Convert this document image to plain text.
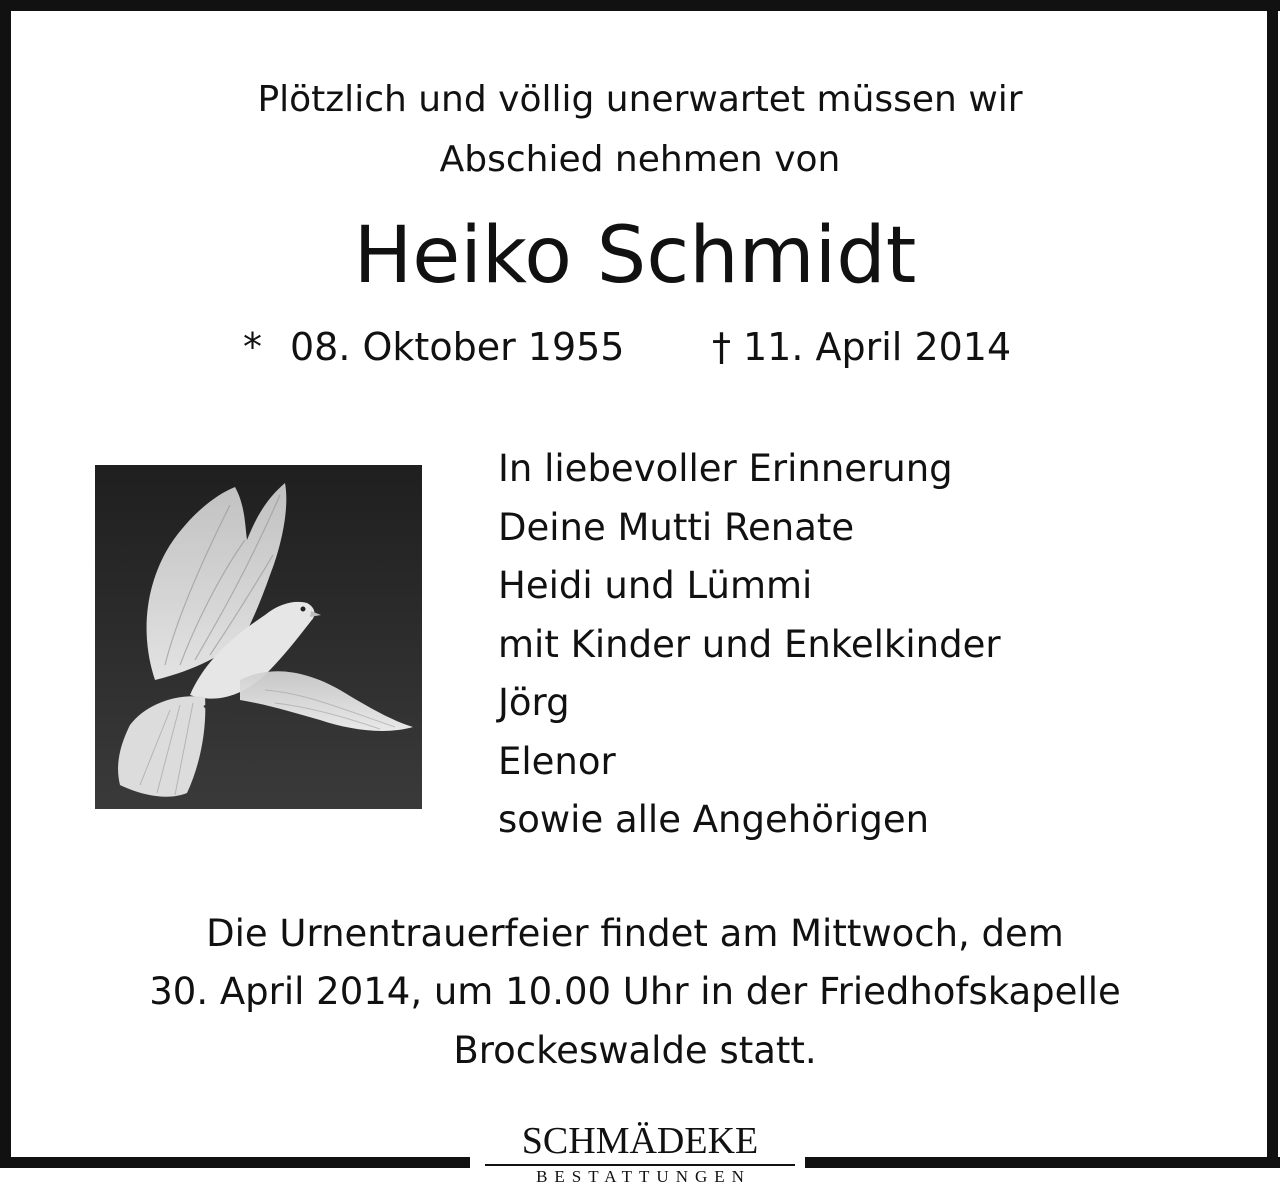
Plötzlich und völlig unerwartet müssen wir
Abschied nehmen von
Heiko Schmidt
* 08. Oktober 1955 † 11. April 2014
In liebevoller Erinnerung
Deine Mutti Renate
Heidi und Lümmi
mit Kinder und Enkelkinder
Jörg
Elenor
sowie alle Angehörigen
Die Urnentrauerfeier findet am Mittwoch, dem
30. April 2014, um 10.00 Uhr in der Friedhofskapelle
Brockeswalde statt.
SCHMÄDEKE
BESTATTUNGEN
